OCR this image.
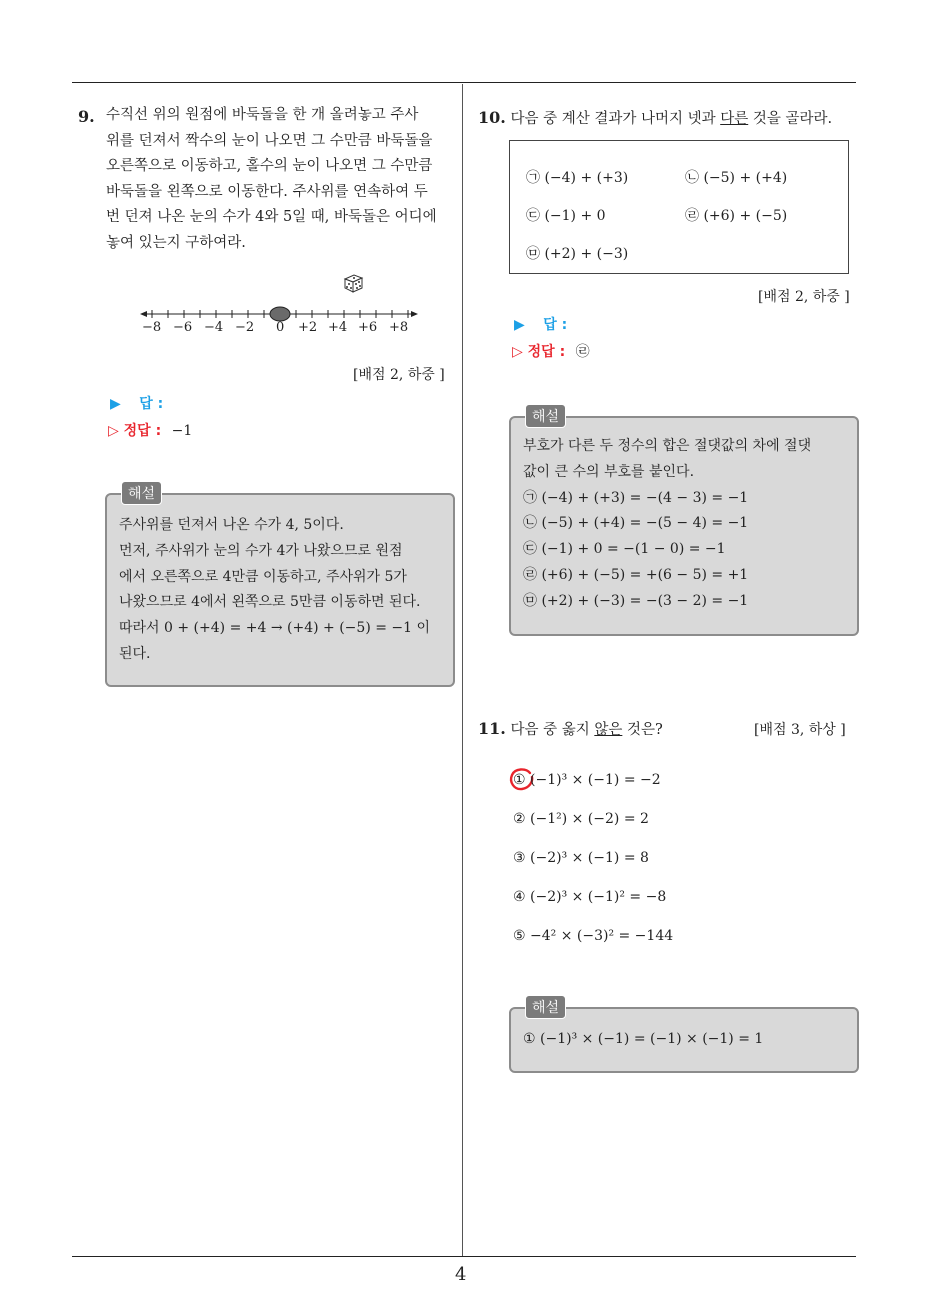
9. 수직선 위의 원점에 바둑돌을 한 개 올려놓고 주사
위를 던져서 짝수의 눈이 나오면 그 수만큼 바둑돌을
오른쪽으로 이동하고, 홀수의 눈이 나오면 그 수만큼
바둑돌을 왼쪽으로 이동한다. 주사위를 연속하여 두
번 던져 나온 눈의 수가 4와 5일 때, 바둑돌은 어디에
놓여 있는지 구하여라.
−8 −6 −4 −2 0 +2 +4 +6 +8
[배점 2, 하중 ]
▶ 답 :
▷ 정답 : −1
해설
주사위를 던져서 나온 수가 4, 5이다.
먼저, 주사위가 눈의 수가 4가 나왔으므로 원점
에서 오른쪽으로 4만큼 이동하고, 주사위가 5가
나왔으므로 4에서 왼쪽으로 5만큼 이동하면 된다.
따라서 0 + (+4) = +4 → (+4) + (−5) = −1 이
된다.
10. 다음 중 계산 결과가 나머지 넷과 다른 것을 골라라.
㉠ (−4) + (+3)	㉡ (−5) + (+4)
㉢ (−1) + 0	㉣ (+6) + (−5)
㉤ (+2) + (−3)
[배점 2, 하중 ]
▶ 답 :
▷ 정답 : ㉣
해설
부호가 다른 두 정수의 합은 절댓값의 차에 절댓
값이 큰 수의 부호를 붙인다.
㉠ (−4) + (+3) = −(4 − 3) = −1
㉡ (−5) + (+4) = −(5 − 4) = −1
㉢ (−1) + 0 = −(1 − 0) = −1
㉣ (+6) + (−5) = +(6 − 5) = +1
㉤ (+2) + (−3) = −(3 − 2) = −1
11. 다음 중 옳지 않은 것은?	[배점 3, 하상 ]
① (−1)³ × (−1) = −2
② (−1²) × (−2) = 2
③ (−2)³ × (−1) = 8
④ (−2)³ × (−1)² = −8
⑤ −4² × (−3)² = −144
해설
① (−1)³ × (−1) = (−1) × (−1) = 1
4
